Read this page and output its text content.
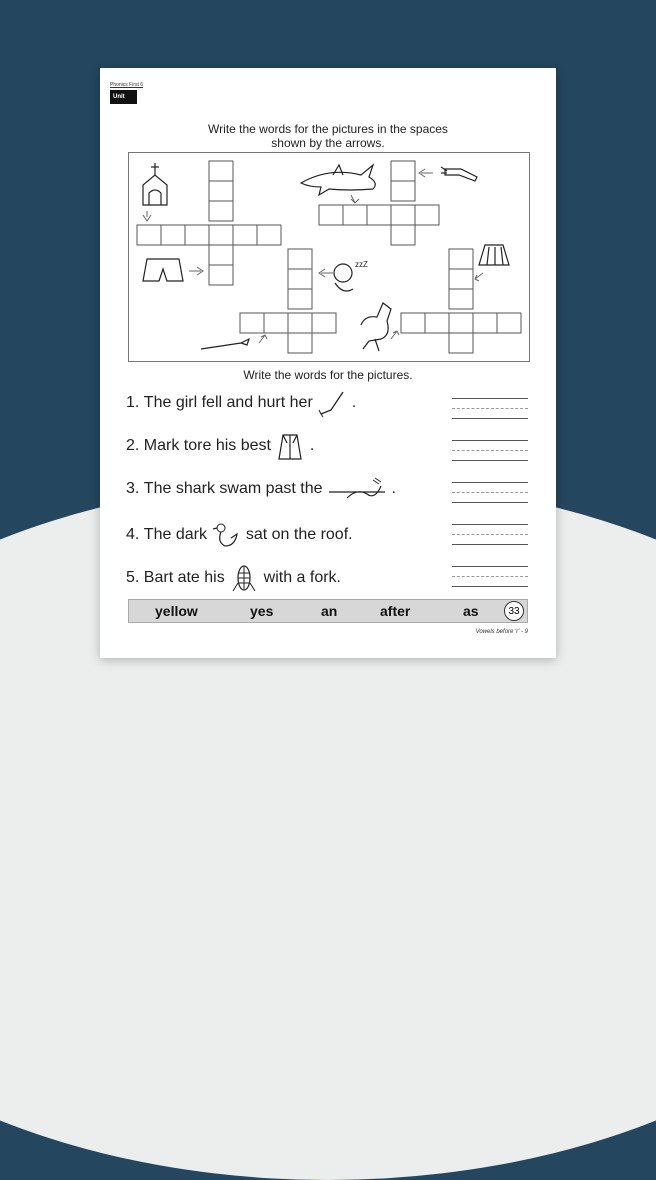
Phonics First 6
Unit 2:9
Write the words for the pictures in the spaces
shown by the arrows.
zzZ
Write the words for the pictures.
1. The girl fell and hurt her .
2. Mark tore his best .
3. The shark swam past the	.
4. The dark sat on the roof.
5. Bart ate his with a fork.
yellow	yes	an	after	as	33
Vowels before 'r' - 9
